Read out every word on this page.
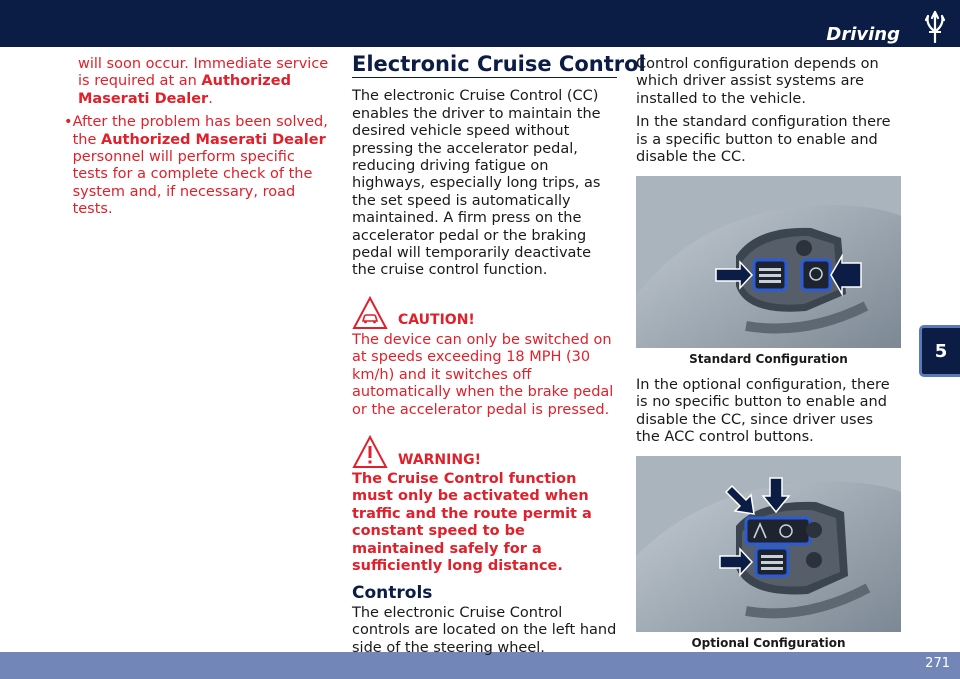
Driving
5
271

will soon occur. Immediate service is required at an Authorized Maserati Dealer.

• After the problem has been solved, the Authorized Maserati Dealer personnel will perform specific tests for a complete check of the system and, if necessary, road tests.
Electronic Cruise Control

The electronic Cruise Control (CC) enables the driver to maintain the desired vehicle speed without pressing the accelerator pedal, reducing driving fatigue on highways, especially long trips, as the set speed is automatically maintained. A firm press on the accelerator pedal or the braking pedal will temporarily deactivate the cruise control function.

CAUTION!

The device can only be switched on at speeds exceeding 18 MPH (30 km/h) and it switches off automatically when the brake pedal or the accelerator pedal is pressed.

WARNING!

The Cruise Control function must only be activated when traffic and the route permit a constant speed to be maintained safely for a sufficiently long distance.

Controls

The electronic Cruise Control controls are located on the left hand side of the steering wheel.

Control configuration depends on which driver assist systems are installed to the vehicle.

In the standard configuration there is a specific button to enable and disable the CC.

Standard Configuration

In the optional configuration, there is no specific button to enable and disable the CC, since driver uses the ACC control buttons.

Optional Configuration
